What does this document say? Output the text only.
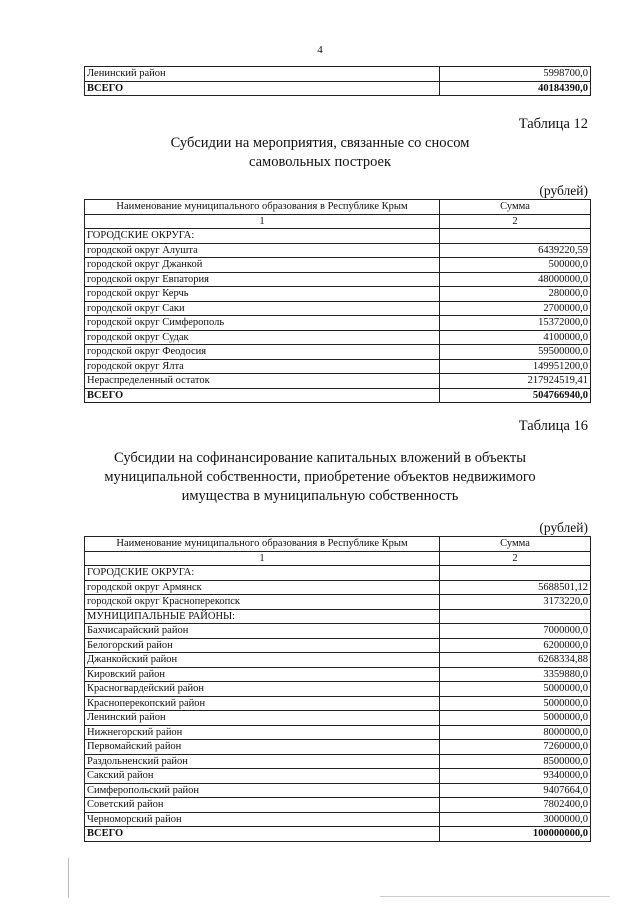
4
Ленинский район	5998700,0
ВСЕГО	40184390,0
Таблица 12
Субсидии на мероприятия, связанные со сносом
самовольных построек
(рублей)
Наименование муниципального образования в Республике Крым	Сумма
1	2
ГОРОДСКИЕ ОКРУГА:	
городской округ Алушта	6439220,59
городской округ Джанкой	500000,0
городской округ Евпатория	48000000,0
городской округ Керчь	280000,0
городской округ Саки	2700000,0
городской округ Симферополь	15372000,0
городской округ Судак	4100000,0
городской округ Феодосия	59500000,0
городской округ Ялта	149951200,0
Нераспределенный остаток	217924519,41
ВСЕГО	504766940,0
Таблица 16
Субсидии на софинансирование капитальных вложений в объекты
муниципальной собственности, приобретение объектов недвижимого
имущества в муниципальную собственность
(рублей)
Наименование муниципального образования в Республике Крым	Сумма
1	2
ГОРОДСКИЕ ОКРУГА:	
городской округ Армянск	5688501,12
городской округ Красноперекопск	3173220,0
МУНИЦИПАЛЬНЫЕ РАЙОНЫ:	
Бахчисарайский район	7000000,0
Белогорский район	6200000,0
Джанкойский район	6268334,88
Кировский район	3359880,0
Красногвардейский район	5000000,0
Красноперекопский район	5000000,0
Ленинский район	5000000,0
Нижнегорский район	8000000,0
Первомайский район	7260000,0
Раздольненский район	8500000,0
Сакский район	9340000,0
Симферопольский район	9407664,0
Советский район	7802400,0
Черноморский район	3000000,0
ВСЕГО	100000000,0
